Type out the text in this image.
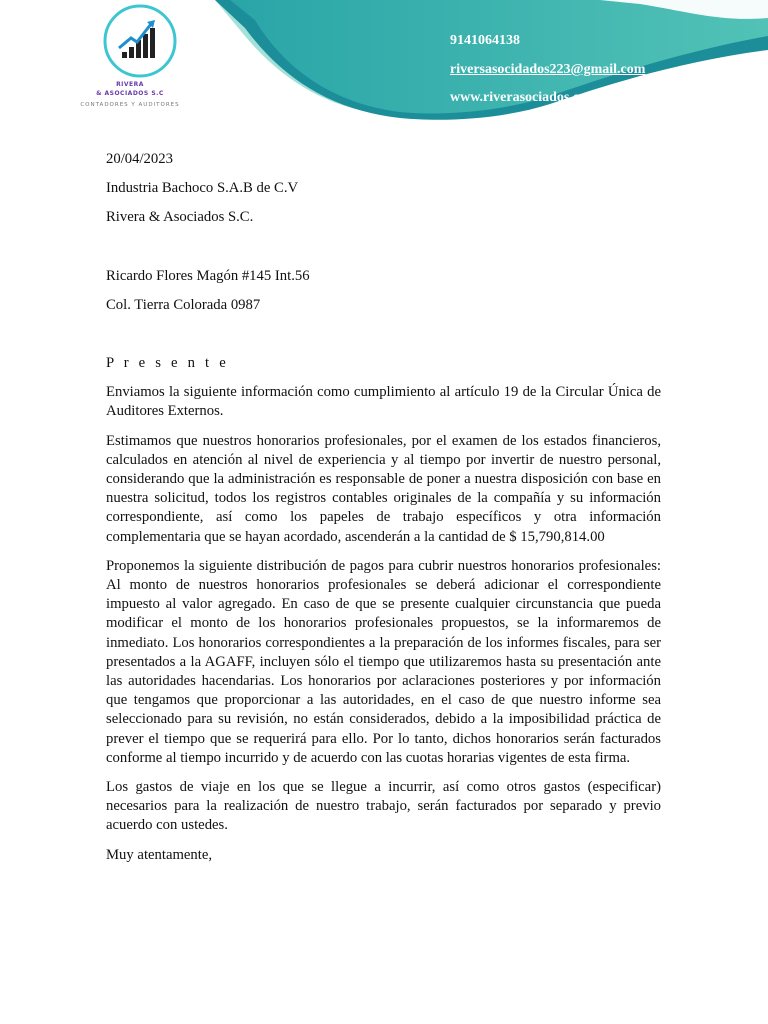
RIVERA
& ASOCIADOS S.C
CONTADORES Y AUDITORES
9141064138
riversasocidados223@gmail.com
www.riverasociados.com

20/04/2023

Industria Bachoco S.A.B de C.V

Rivera & Asociados S.C.

Ricardo Flores Magón #145 Int.56

Col. Tierra Colorada 0987

P r e s e n t e

Enviamos la siguiente información como cumplimiento al artículo 19 de la Circular Única de Auditores Externos.

Estimamos que nuestros honorarios profesionales, por el examen de los estados financieros, calculados en atención al nivel de experiencia y al tiempo por invertir de nuestro personal, considerando que la administración es responsable de poner a nuestra disposición con base en nuestra solicitud, todos los registros contables originales de la compañía y su información correspondiente, así como los papeles de trabajo específicos y otra información complementaria que se hayan acordado, ascenderán a la cantidad de $ 15,790,814.00

Proponemos la siguiente distribución de pagos para cubrir nuestros honorarios profesionales: Al monto de nuestros honorarios profesionales se deberá adicionar el correspondiente impuesto al valor agregado. En caso de que se presente cualquier circunstancia que pueda modificar el monto de los honorarios profesionales propuestos, se la informaremos de inmediato. Los honorarios correspondientes a la preparación de los informes fiscales, para ser presentados a la AGAFF, incluyen sólo el tiempo que utilizaremos hasta su presentación ante las autoridades hacendarias. Los honorarios por aclaraciones posteriores y por información que tengamos que proporcionar a las autoridades, en el caso de que nuestro informe sea seleccionado para su revisión, no están considerados, debido a la imposibilidad práctica de prever el tiempo que se requerirá para ello. Por lo tanto, dichos honorarios serán facturados conforme al tiempo incurrido y de acuerdo con las cuotas horarias vigentes de esta firma.

Los gastos de viaje en los que se llegue a incurrir, así como otros gastos (especificar) necesarios para la realización de nuestro trabajo, serán facturados por separado y previo acuerdo con ustedes.

Muy atentamente,
